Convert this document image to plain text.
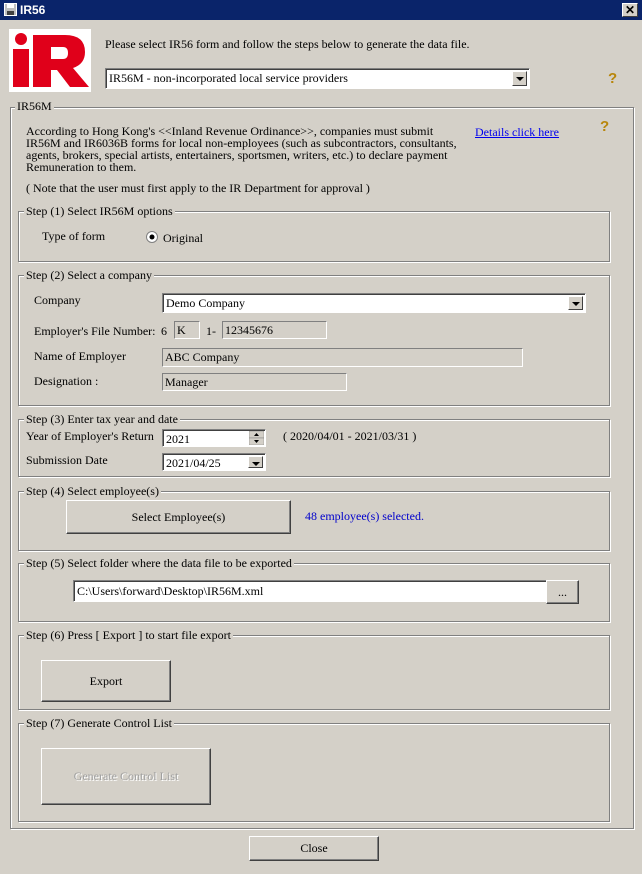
IR56	✕
Please select IR56 form and follow the steps below to generate the data file.
IR56M - non-incorporated local service providers	?
IR56M
According to Hong Kong's <<Inland Revenue Ordinance>>, companies must submit IR56M and IR6036B forms for local non-employees (such as subcontractors, consultants, agents, brokers, special artists, entertainers, sportsmen, writers, etc.) to declare payment Remuneration to them.
Details click here	?
( Note that the user must first apply to the IR Department for approval )
Step (1) Select IR56M options
Type of form	Original
Step (2) Select a company
Company	Demo Company
Employer's File Number: 6 K 1- 12345676
Name of Employer	ABC Company
Designation :	Manager
Step (3) Enter tax year and date
Year of Employer's Return 2021	( 2020/04/01 - 2021/03/31 )
Submission Date	2021/04/25
Step (4) Select employee(s)
Select Employee(s)	48 employee(s) selected.
Step (5) Select folder where the data file to be exported
C:\Users\forward\Desktop\IR56M.xml	...
Step (6) Press [ Export ] to start file export
Export
Step (7) Generate Control List
Generate Control List
Close
